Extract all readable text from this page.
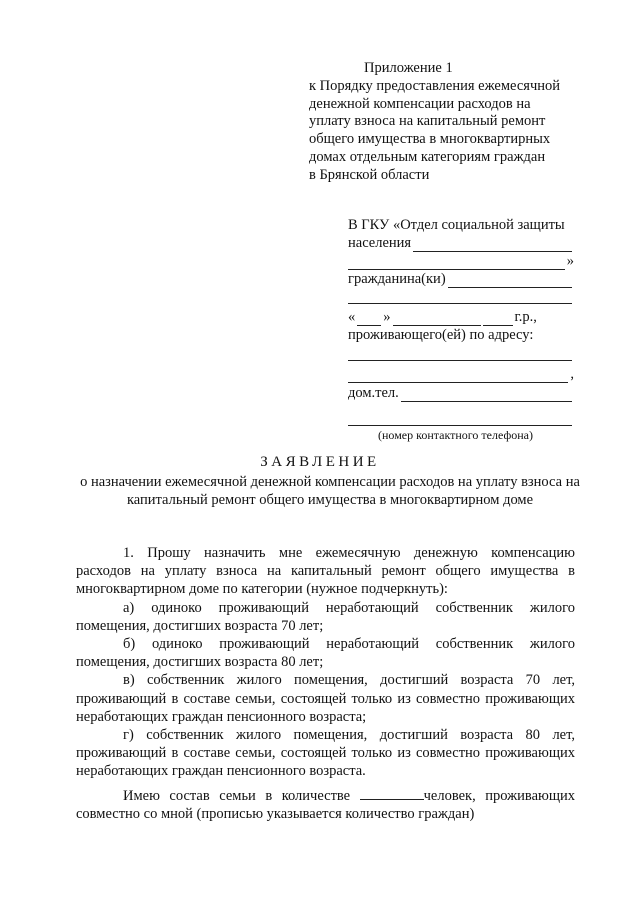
Приложение 1
к Порядку предоставления ежемесячной
денежной компенсации расходов на
уплату взноса на капитальный ремонт
общего имущества в многоквартирных
домах отдельным категориям граждан
в Брянской области
В ГКУ «Отдел социальной защиты
населения
»
гражданина(ки)
« »	г.р.,
проживающего(ей) по адресу:
,
дом.тел.
(номер контактного телефона)
ЗАЯВЛЕНИЕ
о назначении ежемесячной денежной компенсации расходов на уплату взноса на капитальный ремонт общего имущества в многоквартирном доме

1. Прошу назначить мне ежемесячную денежную компенсацию расходов на уплату взноса на капитальный ремонт общего имущества в многоквартирном доме по категории (нужное подчеркнуть):

а) одиноко проживающий неработающий собственник жилого помещения, достигших возраста 70 лет;

б) одиноко проживающий неработающий собственник жилого помещения, достигших возраста 80 лет;

в) собственник жилого помещения, достигший возраста 70 лет, проживающий в составе семьи, состоящей только из совместно проживающих неработающих граждан пенсионного возраста;

г) собственник жилого помещения, достигший возраста 80 лет, проживающий в составе семьи, состоящей только из совместно проживающих неработающих граждан пенсионного возраста.

Имею состав семьи в количестве	человек, проживающих совместно со мной (прописью указывается количество граждан)
